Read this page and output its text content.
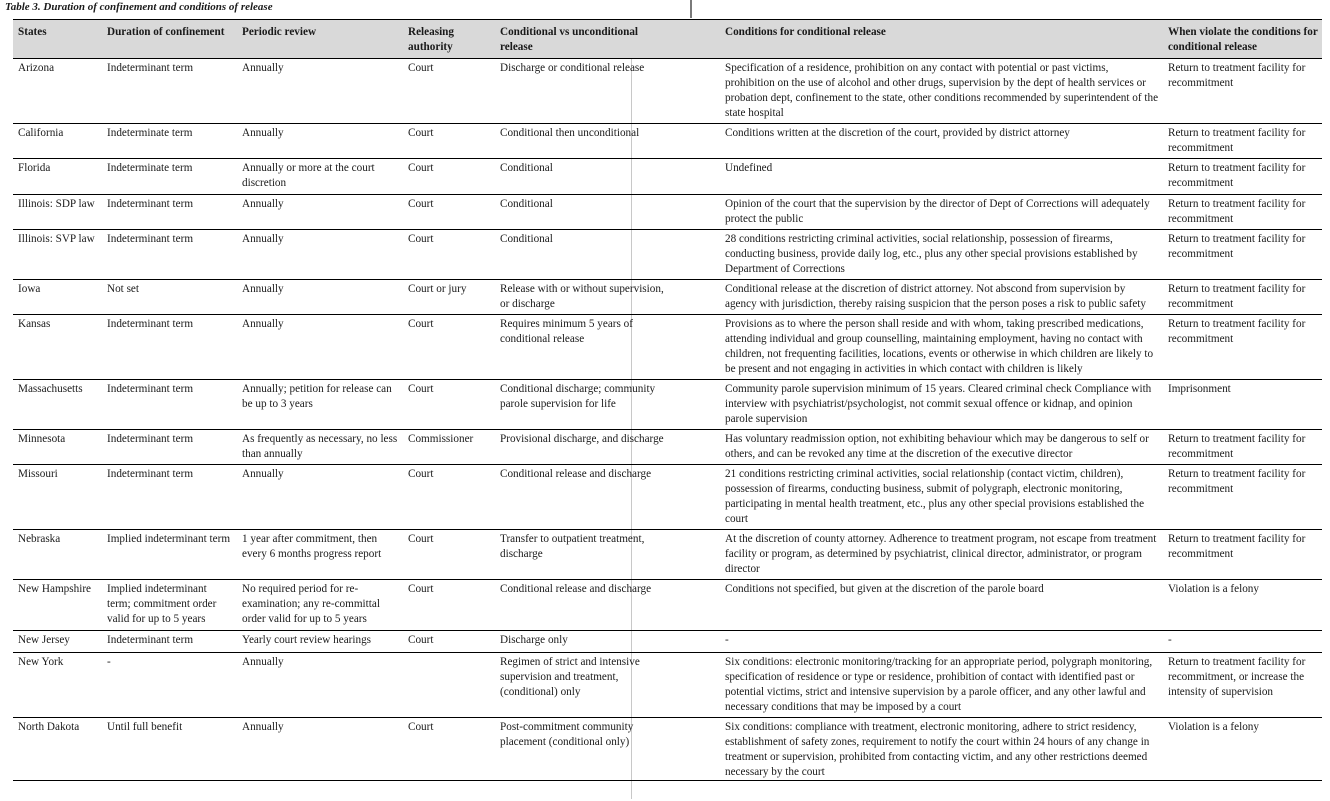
Table 3. Duration of confinement and conditions of release
States	Duration of confinement	Periodic review	Releasing authority	Conditional vs unconditional release	Conditions for conditional release	When violate the conditions for conditional release
Arizona	Indeterminant term	Annually	Court	Discharge or conditional release	Specification of a residence, prohibition on any contact with potential or past victims, prohibition on the use of alcohol and other drugs, supervision by the dept of health services or probation dept, confinement to the state, other conditions recommended by superintendent of the state hospital	Return to treatment facility for recommitment
California	Indeterminate term	Annually	Court	Conditional then unconditional	Conditions written at the discretion of the court, provided by district attorney	Return to treatment facility for recommitment
Florida	Indeterminate term	Annually or more at the court discretion	Court	Conditional	Undefined	Return to treatment facility for recommitment
Illinois: SDP law	Indeterminant term	Annually	Court	Conditional	Opinion of the court that the supervision by the director of Dept of Corrections will adequately protect the public	Return to treatment facility for recommitment
Illinois: SVP law	Indeterminant term	Annually	Court	Conditional	28 conditions restricting criminal activities, social relationship, possession of firearms, conducting business, provide daily log, etc., plus any other special provisions established by Department of Corrections	Return to treatment facility for recommitment
Iowa	Not set	Annually	Court or jury	Release with or without supervision, or discharge	Conditional release at the discretion of district attorney. Not abscond from supervision by agency with jurisdiction, thereby raising suspicion that the person poses a risk to public safety	Return to treatment facility for recommitment
Kansas	Indeterminant term	Annually	Court	Requires minimum 5 years of conditional release	Provisions as to where the person shall reside and with whom, taking prescribed medications, attending individual and group counselling, maintaining employment, having no contact with children, not frequenting facilities, locations, events or otherwise in which children are likely to be present and not engaging in activities in which contact with children is likely	Return to treatment facility for recommitment
Massachusetts	Indeterminant term	Annually; petition for release can be up to 3 years	Court	Conditional discharge; community parole supervision for life	Community parole supervision minimum of 15 years. Cleared criminal check Compliance with interview with psychiatrist/psychologist, not commit sexual offence or kidnap, and opinion parole supervision	Imprisonment
Minnesota	Indeterminant term	As frequently as necessary, no less than annually	Commissioner	Provisional discharge, and discharge	Has voluntary readmission option, not exhibiting behaviour which may be dangerous to self or others, and can be revoked any time at the discretion of the executive director	Return to treatment facility for recommitment
Missouri	Indeterminant term	Annually	Court	Conditional release and discharge	21 conditions restricting criminal activities, social relationship (contact victim, children), possession of firearms, conducting business, submit of polygraph, electronic monitoring, participating in mental health treatment, etc., plus any other special provisions established the court	Return to treatment facility for recommitment
Nebraska	Implied indeterminant term	1 year after commitment, then every 6 months progress report	Court	Transfer to outpatient treatment, discharge	At the discretion of county attorney. Adherence to treatment program, not escape from treatment facility or program, as determined by psychiatrist, clinical director, administrator, or program director	Return to treatment facility for recommitment
New Hampshire	Implied indeterminant term; commitment order valid for up to 5 years	No required period for re-examination; any re-committal order valid for up to 5 years	Court	Conditional release and discharge	Conditions not specified, but given at the discretion of the parole board	Violation is a felony
New Jersey	Indeterminant term	Yearly court review hearings	Court	Discharge only	-	-
New York	-	Annually		Regimen of strict and intensive supervision and treatment, (conditional) only	Six conditions: electronic monitoring/tracking for an appropriate period, polygraph monitoring, specification of residence or type or residence, prohibition of contact with identified past or potential victims, strict and intensive supervision by a parole officer, and any other lawful and necessary conditions that may be imposed by a court	Return to treatment facility for recommitment, or increase the intensity of supervision
North Dakota	Until full benefit	Annually	Court	Post-commitment community placement (conditional only)	Six conditions: compliance with treatment, electronic monitoring, adhere to strict residency, establishment of safety zones, requirement to notify the court within 24 hours of any change in treatment or supervision, prohibited from contacting victim, and any other restrictions deemed necessary by the court	Violation is a felony
